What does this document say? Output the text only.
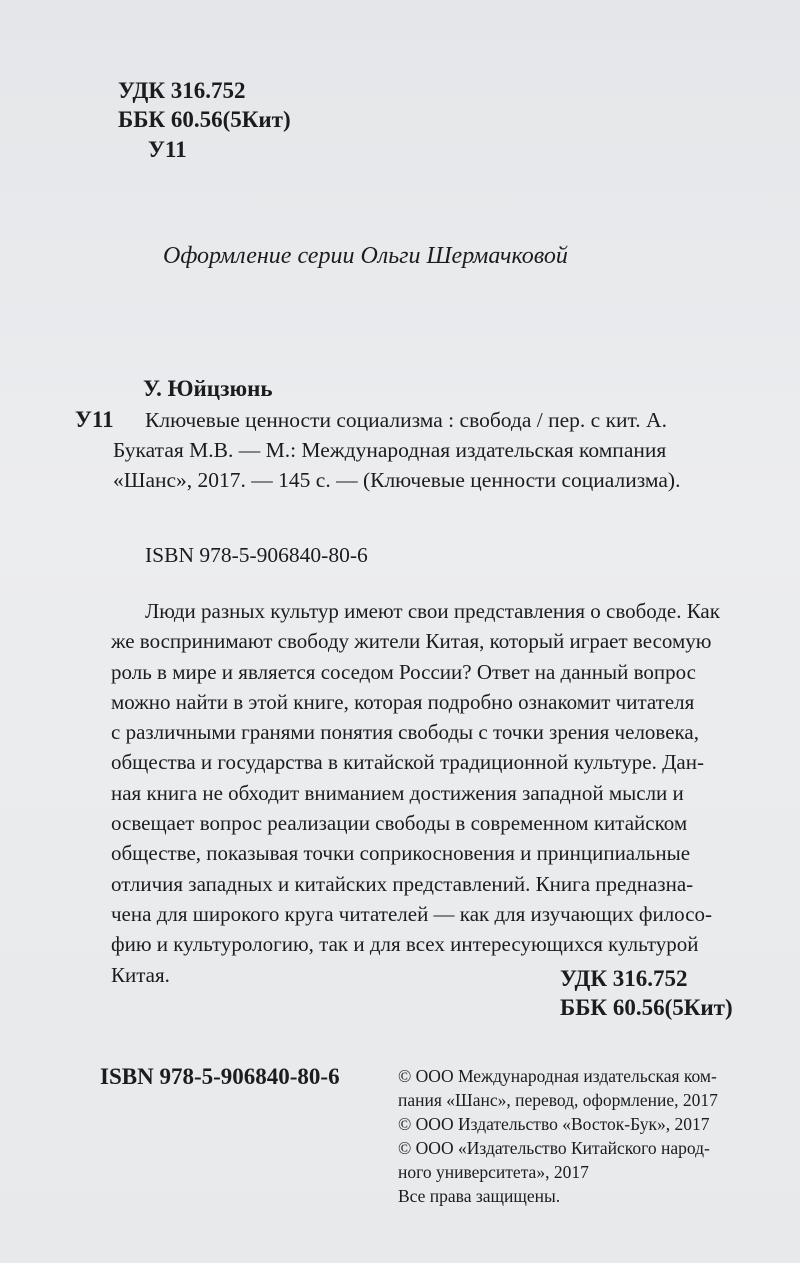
УДК 316.752
ББК 60.56(5Кит)
У11
Оформление серии Ольги Шермачковой
У. Юйцзюнь
У11 Ключевые ценности социализма : свобода / пер. с кит. А.
Букатая М.В. — М.: Международная издательская компания
«Шанс», 2017. — 145 с. — (Ключевые ценности социализма).
ISBN 978-5-906840-80-6
Люди разных культур имеют свои представления о свободе. Как
же воспринимают свободу жители Китая, который играет весомую
роль в мире и является соседом России? Ответ на данный вопрос
можно найти в этой книге, которая подробно ознакомит читателя
с различными гранями понятия свободы с точки зрения человека,
общества и государства в китайской традиционной культуре. Дан-
ная книга не обходит вниманием достижения западной мысли и
освещает вопрос реализации свободы в современном китайском
обществе, показывая точки соприкосновения и принципиальные
отличия западных и китайских представлений. Книга предназна-
чена для широкого круга читателей — как для изучающих филосо-
фию и культурологию, так и для всех интересующихся культурой
Китая.	УДК 316.752
ББК 60.56(5Кит)
ISBN 978-5-906840-80-6	© ООО Международная издательская ком-
пания «Шанс», перевод, оформление, 2017
© ООО Издательство «Восток-Бук», 2017
© ООО «Издательство Китайского народ-
ного университета», 2017
Все права защищены.
